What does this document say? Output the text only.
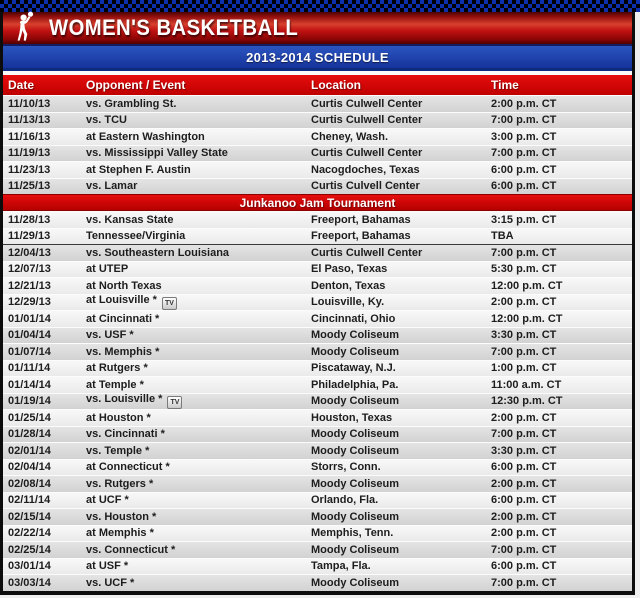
WOMEN'S BASKETBALL
2013-2014 SCHEDULE
Date	Opponent / Event	Location	Time
11/10/13	vs. Grambling St.	Curtis Culwell Center	2:00 p.m. CT
11/13/13	vs. TCU	Curtis Culwell Center	7:00 p.m. CT
11/16/13	at Eastern Washington	Cheney, Wash.	3:00 p.m. CT
11/19/13	vs. Mississippi Valley State	Curtis Culwell Center	7:00 p.m. CT
11/23/13	at Stephen F. Austin	Nacogdoches, Texas	6:00 p.m. CT
11/25/13	vs. Lamar	Curtis Culvell Center	6:00 p.m. CT
Junkanoo Jam Tournament
11/28/13	vs. Kansas State	Freeport, Bahamas	3:15 p.m. CT
11/29/13	Tennessee/Virginia	Freeport, Bahamas	TBA
12/04/13	vs. Southeastern Louisiana	Curtis Culwell Center	7:00 p.m. CT
12/07/13	at UTEP	El Paso, Texas	5:30 p.m. CT
12/21/13	at North Texas	Denton, Texas	12:00 p.m. CT
12/29/13	at Louisville * TV	Louisville, Ky.	2:00 p.m. CT
01/01/14	at Cincinnati *	Cincinnati, Ohio	12:00 p.m. CT
01/04/14	vs. USF *	Moody Coliseum	3:30 p.m. CT
01/07/14	vs. Memphis *	Moody Coliseum	7:00 p.m. CT
01/11/14	at Rutgers *	Piscataway, N.J.	1:00 p.m. CT
01/14/14	at Temple *	Philadelphia, Pa.	11:00 a.m. CT
01/19/14	vs. Louisville * TV	Moody Coliseum	12:30 p.m. CT
01/25/14	at Houston *	Houston, Texas	2:00 p.m. CT
01/28/14	vs. Cincinnati *	Moody Coliseum	7:00 p.m. CT
02/01/14	vs. Temple *	Moody Coliseum	3:30 p.m. CT
02/04/14	at Connecticut *	Storrs, Conn.	6:00 p.m. CT
02/08/14	vs. Rutgers *	Moody Coliseum	2:00 p.m. CT
02/11/14	at UCF *	Orlando, Fla.	6:00 p.m. CT
02/15/14	vs. Houston *	Moody Coliseum	2:00 p.m. CT
02/22/14	at Memphis *	Memphis, Tenn.	2:00 p.m. CT
02/25/14	vs. Connecticut *	Moody Coliseum	7:00 p.m. CT
03/01/14	at USF *	Tampa, Fla.	6:00 p.m. CT
03/03/14	vs. UCF *	Moody Coliseum	7:00 p.m. CT
